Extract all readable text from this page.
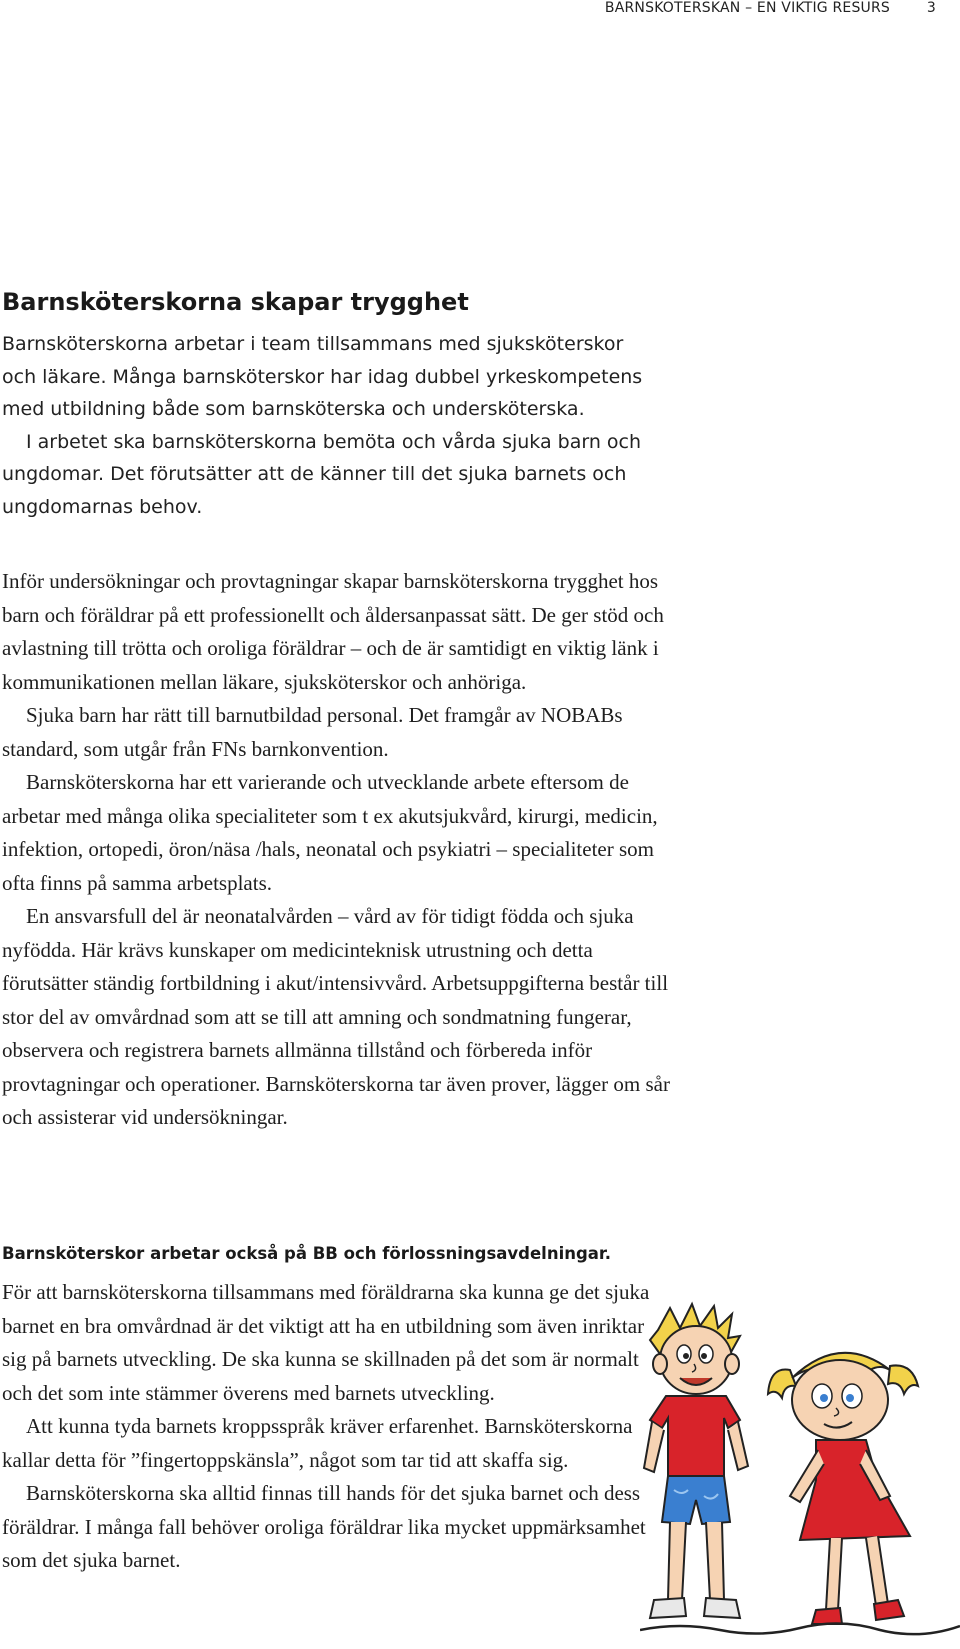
BARNSKÖTERSKAN – EN VIKTIG RESURS	3
Barnsköterskorna skapar trygghet

Barnsköterskorna arbetar i team tillsammans med sjuksköterskor och läkare. Många barnsköterskor har idag dubbel yrkeskompetens med utbildning både som barnsköterska och undersköterska.

I arbetet ska barnsköterskorna bemöta och vårda sjuka barn och ungdomar. Det förutsätter att de känner till det sjuka barnets och ungdomarnas behov.

Inför undersökningar och provtagningar skapar barnsköterskorna trygghet hos barn och föräldrar på ett professionellt och åldersanpassat sätt. De ger stöd och avlastning till trötta och oroliga föräldrar – och de är samtidigt en viktig länk i kommunikationen mellan läkare, sjuksköterskor och anhöriga.

Sjuka barn har rätt till barnutbildad personal. Det framgår av NOBABs standard, som utgår från FNs barnkonvention.

Barnsköterskorna har ett varierande och utvecklande arbete eftersom de arbetar med många olika specialiteter som t ex akutsjukvård, kirurgi, medicin, infektion, ortopedi, öron/näsa /hals, neonatal och psykiatri – specialiteter som ofta finns på samma arbetsplats.

En ansvarsfull del är neonatalvården – vård av för tidigt födda och sjuka nyfödda. Här krävs kunskaper om medicinteknisk utrustning och detta förutsätter ständig fortbildning i akut/intensivvård. Arbetsuppgifterna består till stor del av omvårdnad som att se till att amning och sondmatning fungerar, observera och registrera barnets allmänna tillstånd och förbereda inför provtagningar och operationer. Barnsköterskorna tar även prover, lägger om sår och assisterar vid undersökningar.

Barnsköterskor arbetar också på BB och förlossningsavdelningar.

För att barnsköterskorna tillsammans med föräldrarna ska kunna ge det sjuka barnet en bra omvårdnad är det viktigt att ha en utbildning som även inriktar sig på barnets utveckling. De ska kunna se skillnaden på det som är normalt och det som inte stämmer överens med barnets utveckling.

Att kunna tyda barnets kroppsspråk kräver erfarenhet. Barnsköterskorna kallar detta för ”fingertoppskänsla”, något som tar tid att skaffa sig.

Barnsköterskorna ska alltid finnas till hands för det sjuka barnet och dess föräldrar. I många fall behöver oroliga föräldrar lika mycket uppmärksamhet som det sjuka barnet.
